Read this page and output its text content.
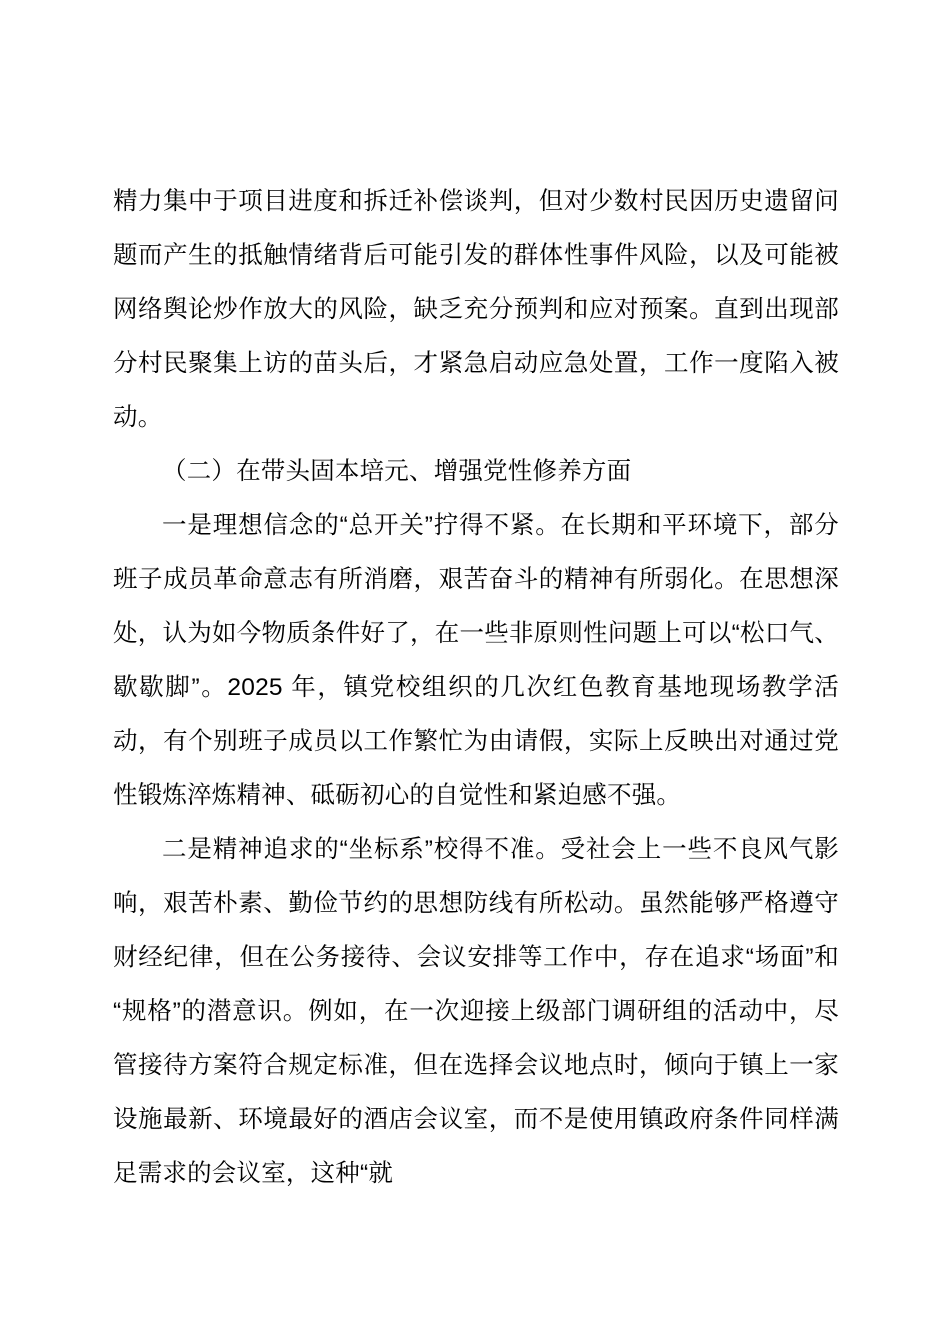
精力集中于项目进度和拆迁补偿谈判，但对少数村民因历史遗留问题而产生的抵触情绪背后可能引发的群体性事件风险，以及可能被网络舆论炒作放大的风险，缺乏充分预判和应对预案。直到出现部分村民聚集上访的苗头后，才紧急启动应急处置，工作一度陷入被动。

（二）在带头固本培元、增强党性修养方面

一是理想信念的“总开关”拧得不紧。在长期和平环境下，部分班子成员革命意志有所消磨，艰苦奋斗的精神有所弱化。在思想深处，认为如今物质条件好了，在一些非原则性问题上可以“松口气、歇歇脚”。2025 年，镇党校组织的几次红色教育基地现场教学活动，有个别班子成员以工作繁忙为由请假，实际上反映出对通过党性锻炼淬炼精神、砥砺初心的自觉性和紧迫感不强。

二是精神追求的“坐标系”校得不准。受社会上一些不良风气影响，艰苦朴素、勤俭节约的思想防线有所松动。虽然能够严格遵守财经纪律，但在公务接待、会议安排等工作中，存在追求“场面”和“规格”的潜意识。例如，在一次迎接上级部门调研组的活动中，尽管接待方案符合规定标准，但在选择会议地点时，倾向于镇上一家设施最新、环境最好的酒店会议室，而不是使用镇政府条件同样满足需求的会议室，这种“就
